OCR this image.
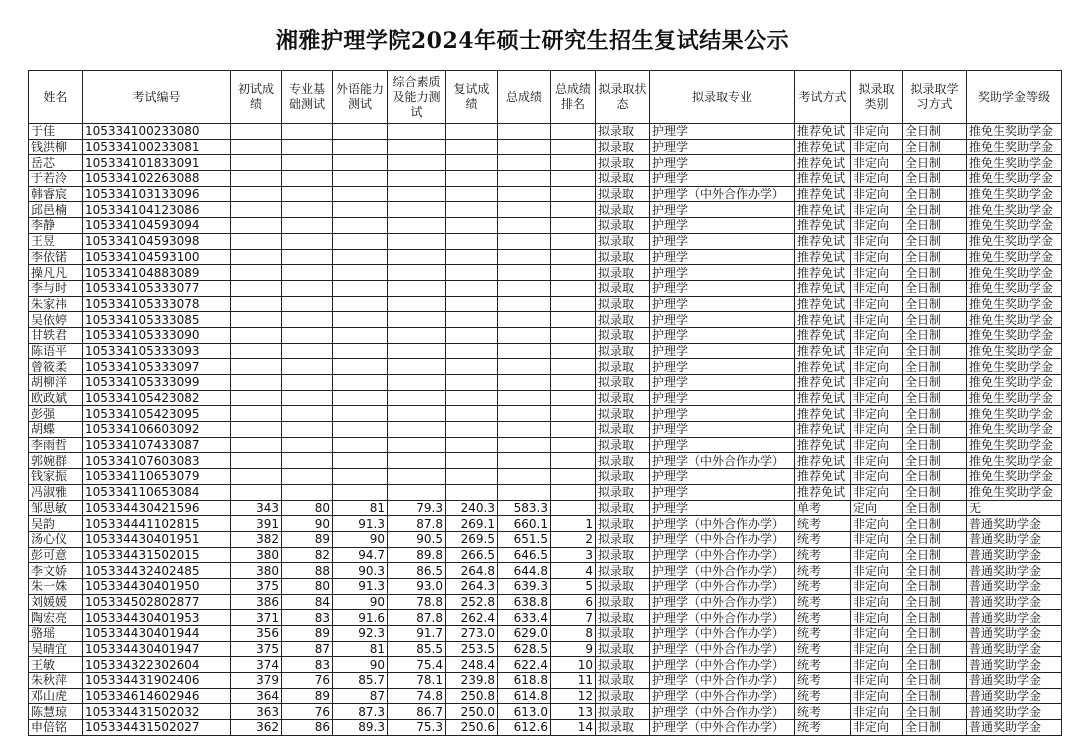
湘雅护理学院2024年硕士研究生招生复试结果公示
姓名	考试编号	初试成绩	专业基础测试	外语能力测试	综合素质及能力测试	复试成绩	总成绩	总成绩排名	拟录取状态	拟录取专业	考试方式	拟录取类别	拟录取学习方式	奖助学金等级
于佳	105334100233080								拟录取	护理学	推荐免试	非定向	全日制	推免生奖助学金
钱洪柳	105334100233081								拟录取	护理学	推荐免试	非定向	全日制	推免生奖助学金
岳芯	105334101833091								拟录取	护理学	推荐免试	非定向	全日制	推免生奖助学金
于若泠	105334102263088								拟录取	护理学	推荐免试	非定向	全日制	推免生奖助学金
韩睿宸	105334103133096								拟录取	护理学（中外合作办学）	推荐免试	非定向	全日制	推免生奖助学金
邱邑楠	105334104123086								拟录取	护理学	推荐免试	非定向	全日制	推免生奖助学金
李静	105334104593094								拟录取	护理学	推荐免试	非定向	全日制	推免生奖助学金
王昱	105334104593098								拟录取	护理学	推荐免试	非定向	全日制	推免生奖助学金
李依锘	105334104593100								拟录取	护理学	推荐免试	非定向	全日制	推免生奖助学金
操凡凡	105334104883089								拟录取	护理学	推荐免试	非定向	全日制	推免生奖助学金
李与时	105334105333077								拟录取	护理学	推荐免试	非定向	全日制	推免生奖助学金
朱家祎	105334105333078								拟录取	护理学	推荐免试	非定向	全日制	推免生奖助学金
吴依婷	105334105333085								拟录取	护理学	推荐免试	非定向	全日制	推免生奖助学金
甘轶君	105334105333090								拟录取	护理学	推荐免试	非定向	全日制	推免生奖助学金
陈语平	105334105333093								拟录取	护理学	推荐免试	非定向	全日制	推免生奖助学金
曾筱柔	105334105333097								拟录取	护理学	推荐免试	非定向	全日制	推免生奖助学金
胡柳洋	105334105333099								拟录取	护理学	推荐免试	非定向	全日制	推免生奖助学金
欧政斌	105334105423082								拟录取	护理学	推荐免试	非定向	全日制	推免生奖助学金
彭强	105334105423095								拟录取	护理学	推荐免试	非定向	全日制	推免生奖助学金
胡蝶	105334106603092								拟录取	护理学	推荐免试	非定向	全日制	推免生奖助学金
李雨哲	105334107433087								拟录取	护理学	推荐免试	非定向	全日制	推免生奖助学金
郭婉群	105334107603083								拟录取	护理学（中外合作办学）	推荐免试	非定向	全日制	推免生奖助学金
钱家振	105334110653079								拟录取	护理学	推荐免试	非定向	全日制	推免生奖助学金
冯淑雅	105334110653084								拟录取	护理学	推荐免试	非定向	全日制	推免生奖助学金
邹思敏	105334430421596	343	80	81	79.3	240.3	583.3		拟录取	护理学	单考	定向	全日制	无
吴韵	105334441102815	391	90	91.3	87.8	269.1	660.1	1	拟录取	护理学（中外合作办学）	统考	非定向	全日制	普通奖助学金
汤心仪	105334430401951	382	89	90	90.5	269.5	651.5	2	拟录取	护理学（中外合作办学）	统考	非定向	全日制	普通奖助学金
彭可意	105334431502015	380	82	94.7	89.8	266.5	646.5	3	拟录取	护理学（中外合作办学）	统考	非定向	全日制	普通奖助学金
李文娇	105334432402485	380	88	90.3	86.5	264.8	644.8	4	拟录取	护理学（中外合作办学）	统考	非定向	全日制	普通奖助学金
朱一姝	105334430401950	375	80	91.3	93.0	264.3	639.3	5	拟录取	护理学（中外合作办学）	统考	非定向	全日制	普通奖助学金
刘媛媛	105334502802877	386	84	90	78.8	252.8	638.8	6	拟录取	护理学（中外合作办学）	统考	非定向	全日制	普通奖助学金
陶宏亮	105334430401953	371	83	91.6	87.8	262.4	633.4	7	拟录取	护理学（中外合作办学）	统考	非定向	全日制	普通奖助学金
骆瑶	105334430401944	356	89	92.3	91.7	273.0	629.0	8	拟录取	护理学（中外合作办学）	统考	非定向	全日制	普通奖助学金
吴晴宜	105334430401947	375	87	81	85.5	253.5	628.5	9	拟录取	护理学（中外合作办学）	统考	非定向	全日制	普通奖助学金
王敏	105334322302604	374	83	90	75.4	248.4	622.4	10	拟录取	护理学（中外合作办学）	统考	非定向	全日制	普通奖助学金
朱秋萍	105334431902406	379	76	85.7	78.1	239.8	618.8	11	拟录取	护理学（中外合作办学）	统考	非定向	全日制	普通奖助学金
邓山虎	105334614602946	364	89	87	74.8	250.8	614.8	12	拟录取	护理学（中外合作办学）	统考	非定向	全日制	普通奖助学金
陈慧琼	105334431502032	363	76	87.3	86.7	250.0	613.0	13	拟录取	护理学（中外合作办学）	统考	非定向	全日制	普通奖助学金
申倍铭	105334431502027	362	86	89.3	75.3	250.6	612.6	14	拟录取	护理学（中外合作办学）	统考	非定向	全日制	普通奖助学金
